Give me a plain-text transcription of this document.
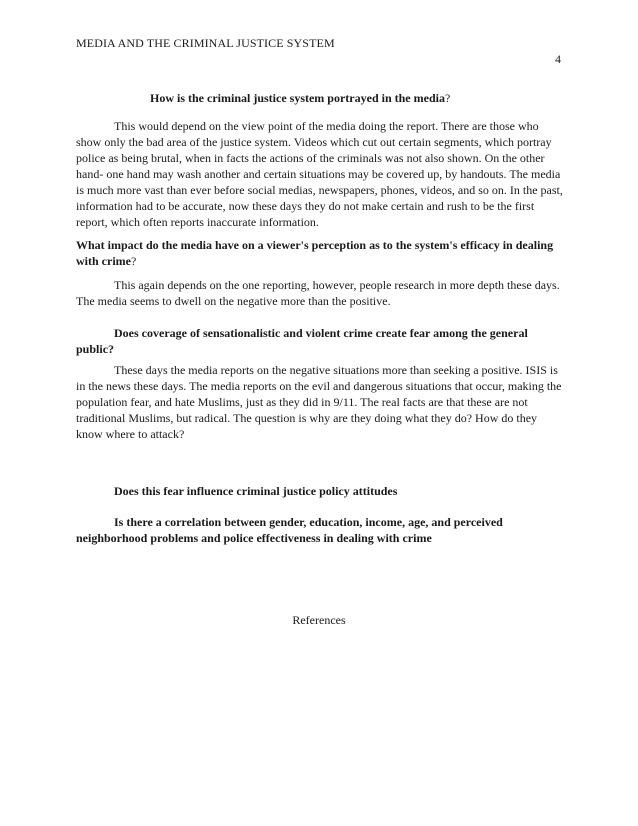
MEDIA AND THE CRIMINAL JUSTICE SYSTEM
4
How is the criminal justice system portrayed in the media?
This would depend on the view point of the media doing the report. There are those who show only the bad area of the justice system. Videos which cut out certain segments, which portray police as being brutal, when in facts the actions of the criminals was not also shown. On the other hand- one hand may wash another and certain situations may be covered up, by handouts. The media is much more vast than ever before social medias, newspapers, phones, videos, and so on. In the past, information had to be accurate, now these days they do not make certain and rush to be the first report, which often reports inaccurate information.
What impact do the media have on a viewer's perception as to the system's efficacy in dealing with crime?
This again depends on the one reporting, however, people research in more depth these days. The media seems to dwell on the negative more than the positive.
Does coverage of sensationalistic and violent crime create fear among the general public?
These days the media reports on the negative situations more than seeking a positive. ISIS is in the news these days. The media reports on the evil and dangerous situations that occur, making the population fear, and hate Muslims, just as they did in 9/11. The real facts are that these are not traditional Muslims, but radical. The question is why are they doing what they do? How do they know where to attack?
Does this fear influence criminal justice policy attitudes
Is there a correlation between gender, education, income, age, and perceived neighborhood problems and police effectiveness in dealing with crime
References
